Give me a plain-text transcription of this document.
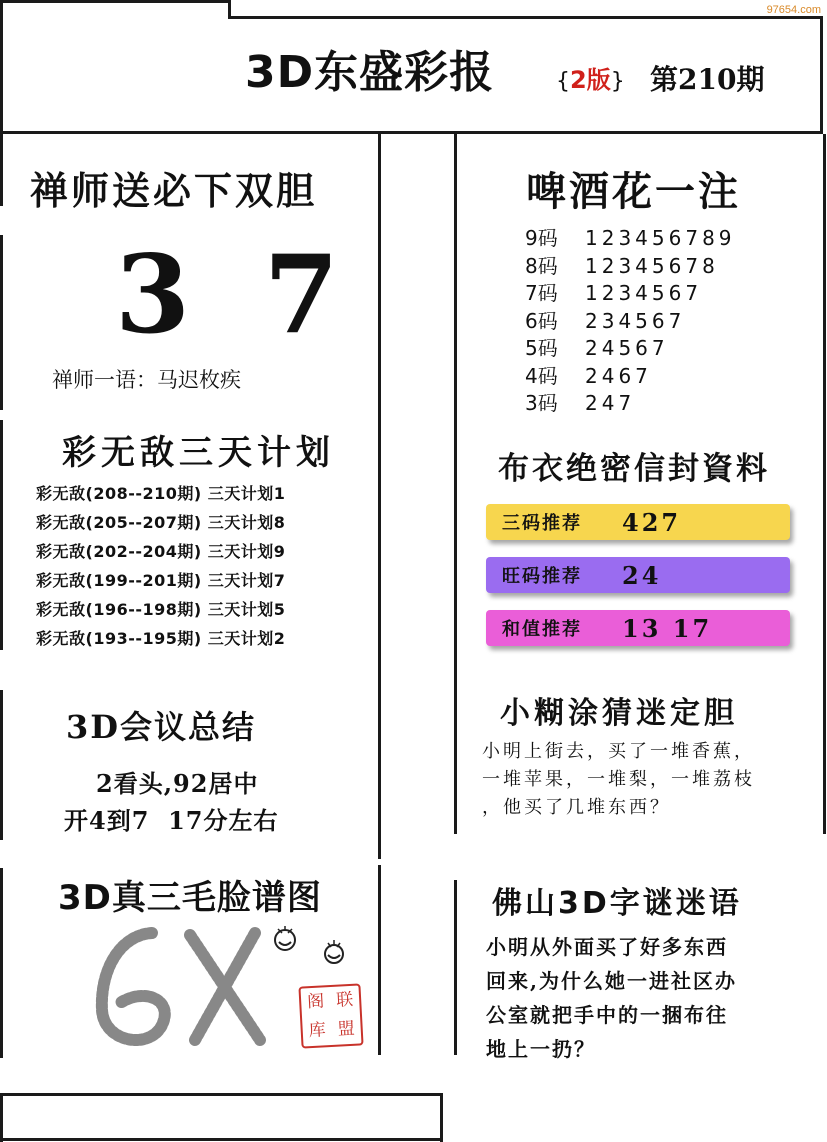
97654.com
3D东盛彩报	{2版} 第210期
禅师送必下双胆
3 7
禅师一语：马迟枚疾
啤酒花一注
9码 123456789
8码 12345678
7码 1234567
6码 234567
5码 24567
4码 2467
3码 247
彩无敌三天计划
彩无敌(208--210期) 三天计划1
彩无敌(205--207期) 三天计划8
彩无敌(202--204期) 三天计划9
彩无敌(199--201期) 三天计划7
彩无敌(196--198期) 三天计划5
彩无敌(193--195期) 三天计划2
布衣绝密信封資料
三码推荐	427
旺码推荐	24
和值推荐	13 17
3D会议总结
2看头,92居中
开4到7  17分左右
小糊涂猜迷定胆
小明上街去，买了一堆香蕉，
一堆苹果，一堆梨，一堆荔枝
，他买了几堆东西？
3D真三毛脸谱图
阁 联
库 盟
佛山3D字谜迷语
小明从外面买了好多东西
回来,为什么她一进社区办
公室就把手中的一捆布往
地上一扔？
